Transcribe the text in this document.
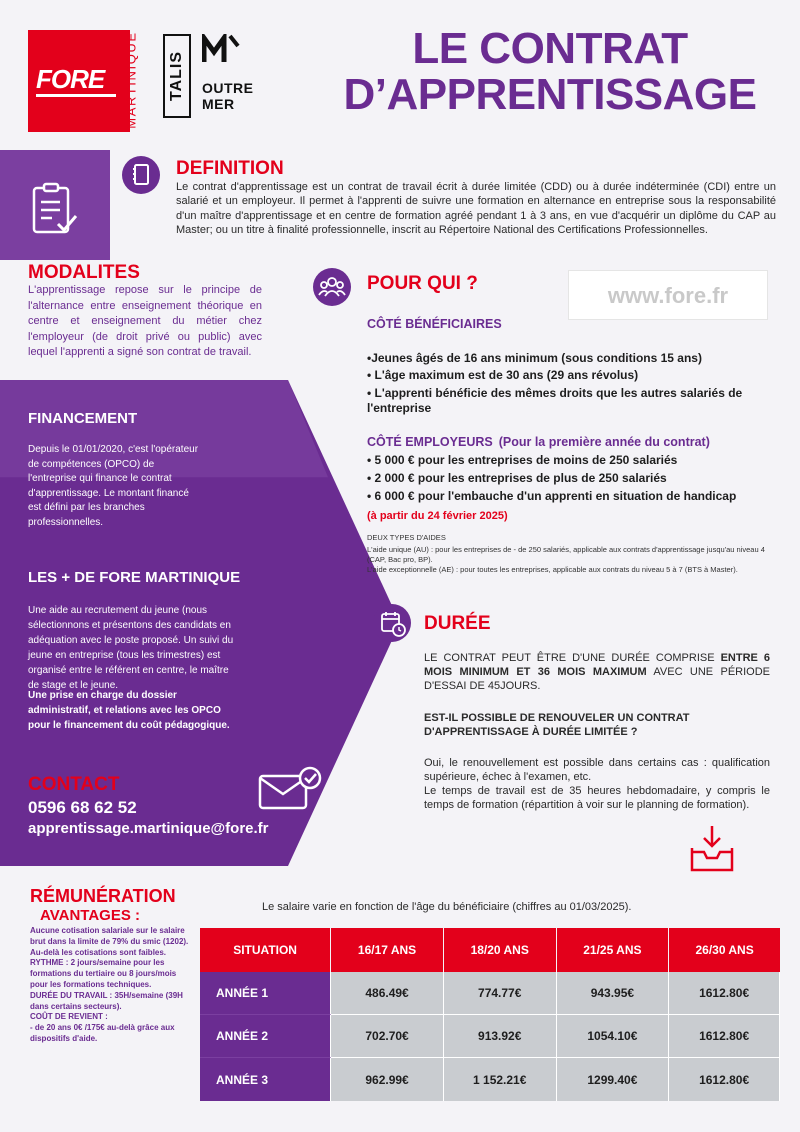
FORE MARTINIQUE TALIS OUTRE
MER
LE CONTRAT
D’APPRENTISSAGE
DEFINITION
Le contrat d'apprentissage est un contrat de travail écrit à durée limitée (CDD) ou à durée indéterminée (CDI) entre un salarié et un employeur. Il permet à l'apprenti de suivre une formation en alternance en entreprise sous la responsabilité d'un maître d'apprentissage et en centre de formation agréé pendant 1 à 3 ans, en vue d'acquérir un diplôme du CAP au Master; ou un titre à finalité professionnelle, inscrit au Répertoire National des Certifications Professionnelles.
MODALITES
L'apprentissage repose sur le principe de l'alternance entre enseignement théorique en centre et enseignement du métier chez l'employeur (de droit privé ou public) avec lequel l'apprenti a signé son contrat de travail.
FINANCEMENT
Depuis le 01/01/2020, c'est l'opérateur de compétences (OPCO) de l'entreprise qui finance le contrat d'apprentissage. Le montant financé est défini par les branches professionnelles.
LES + DE FORE MARTINIQUE
Une aide au recrutement du jeune (nous sélectionnons et présentons des candidats en adéquation avec le poste proposé. Un suivi du jeune en entreprise (tous les trimestres) est organisé entre le référent en centre, le maître de stage et le jeune.
Une prise en charge du dossier administratif, et relations avec les OPCO pour le financement du coût pédagogique.
CONTACT
0596 68 62 52
apprentissage.martinique@fore.fr
POUR QUI ?	www.fore.fr
CÔTÉ BÉNÉFICIAIRES
•Jeunes âgés de 16 ans minimum (sous conditions 15 ans)
• L'âge maximum est de 30 ans (29 ans révolus)
• L'apprenti bénéficie des mêmes droits que les autres salariés de l'entreprise
CÔTÉ EMPLOYEURS (Pour la première année du contrat)
• 5 000 € pour les entreprises de moins de 250 salariés
• 2 000 € pour les entreprises de plus de 250 salariés
• 6 000 € pour l'embauche d'un apprenti en situation de handicap
(à partir du 24 février 2025)
DEUX TYPES D'AIDES
L'aide unique (AU) : pour les entreprises de - de 250 salariés, applicable aux contrats d'apprentissage jusqu'au niveau 4 (CAP, Bac pro, BP).
L'aide exceptionnelle (AE) : pour toutes les entreprises, applicable aux contrats du niveau 5 à 7 (BTS à Master).
DURÉE
LE CONTRAT PEUT ÊTRE D'UNE DURÉE COMPRISE ENTRE 6 MOIS MINIMUM ET 36 MOIS MAXIMUM AVEC UNE PÉRIODE D'ESSAI DE 45JOURS.
EST-IL POSSIBLE DE RENOUVELER UN CONTRAT D'APPRENTISSAGE À DURÉE LIMITÉE ?
Oui, le renouvellement est possible dans certains cas : qualification supérieure, échec à l'examen, etc.
Le temps de travail est de 35 heures hebdomadaire, y compris le temps de formation (répartition à voir sur le planning de formation).
RÉMUNÉRATION
AVANTAGES :
Aucune cotisation salariale sur le salaire brut dans la limite de 79% du smic (1202). Au-delà les cotisations sont faibles.
RYTHME : 2 jours/semaine pour les formations du tertiaire ou 8 jours/mois pour les formations techniques.
DURÉE DU TRAVAIL : 35H/semaine (39H dans certains secteurs).
COÛT DE REVIENT :
- de 20 ans 0€ /175€ au-delà grâce aux dispositifs d'aide.
Le salaire varie en fonction de l'âge du bénéficiaire (chiffres au 01/03/2025).
SITUATION	16/17 ANS	18/20 ANS	21/25 ANS	26/30 ANS
ANNÉE 1	486.49€	774.77€	943.95€	1612.80€
ANNÉE 2	702.70€	913.92€	1054.10€	1612.80€
ANNÉE 3	962.99€	1 152.21€	1299.40€	1612.80€
